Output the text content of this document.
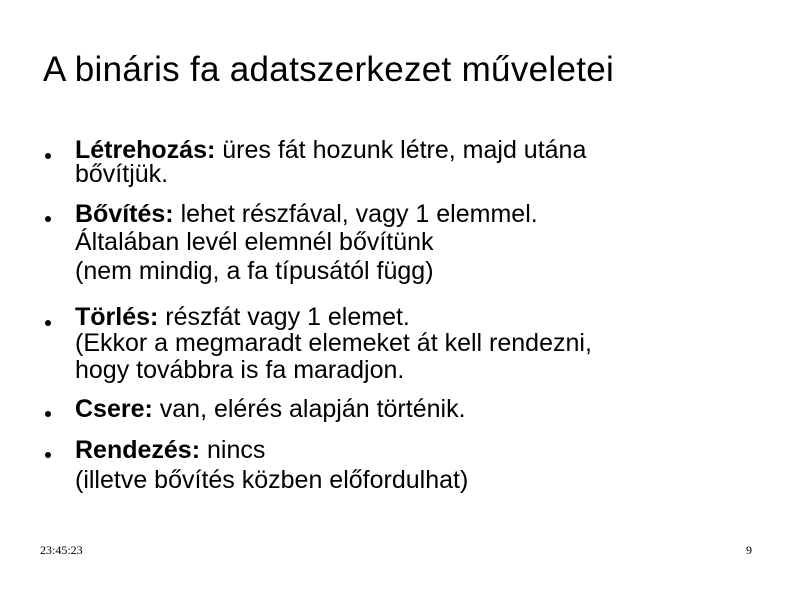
A bináris fa adatszerkezet műveletei
Létrehozás: üres fát hozunk létre, majd utána
bővítjük.
Bővítés: lehet részfával, vagy 1 elemmel.
Általában levél elemnél bővítünk
(nem mindig, a fa típusától függ)
Törlés: részfát vagy 1 elemet.
(Ekkor a megmaradt elemeket át kell rendezni,
hogy továbbra is fa maradjon.
Csere: van, elérés alapján történik.
Rendezés: nincs
(illetve bővítés közben előfordulhat)
23:45:23	9
